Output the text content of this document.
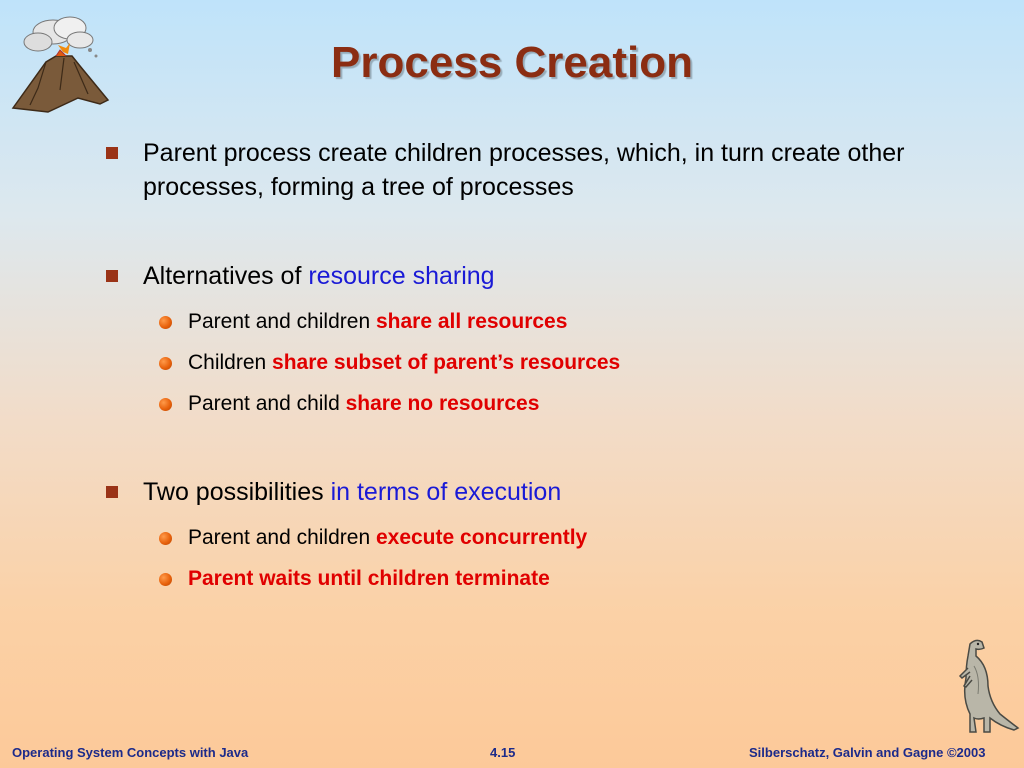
Process Creation
Parent process create children processes, which, in turn create other processes, forming a tree of processes
Alternatives of resource sharing
Parent and children share all resources
Children share subset of parent’s resources
Parent and child share no resources
Two possibilities in terms of execution
Parent and children execute concurrently
Parent waits until children terminate
Operating System Concepts with Java	4.15	Silberschatz, Galvin and Gagne ©2003
